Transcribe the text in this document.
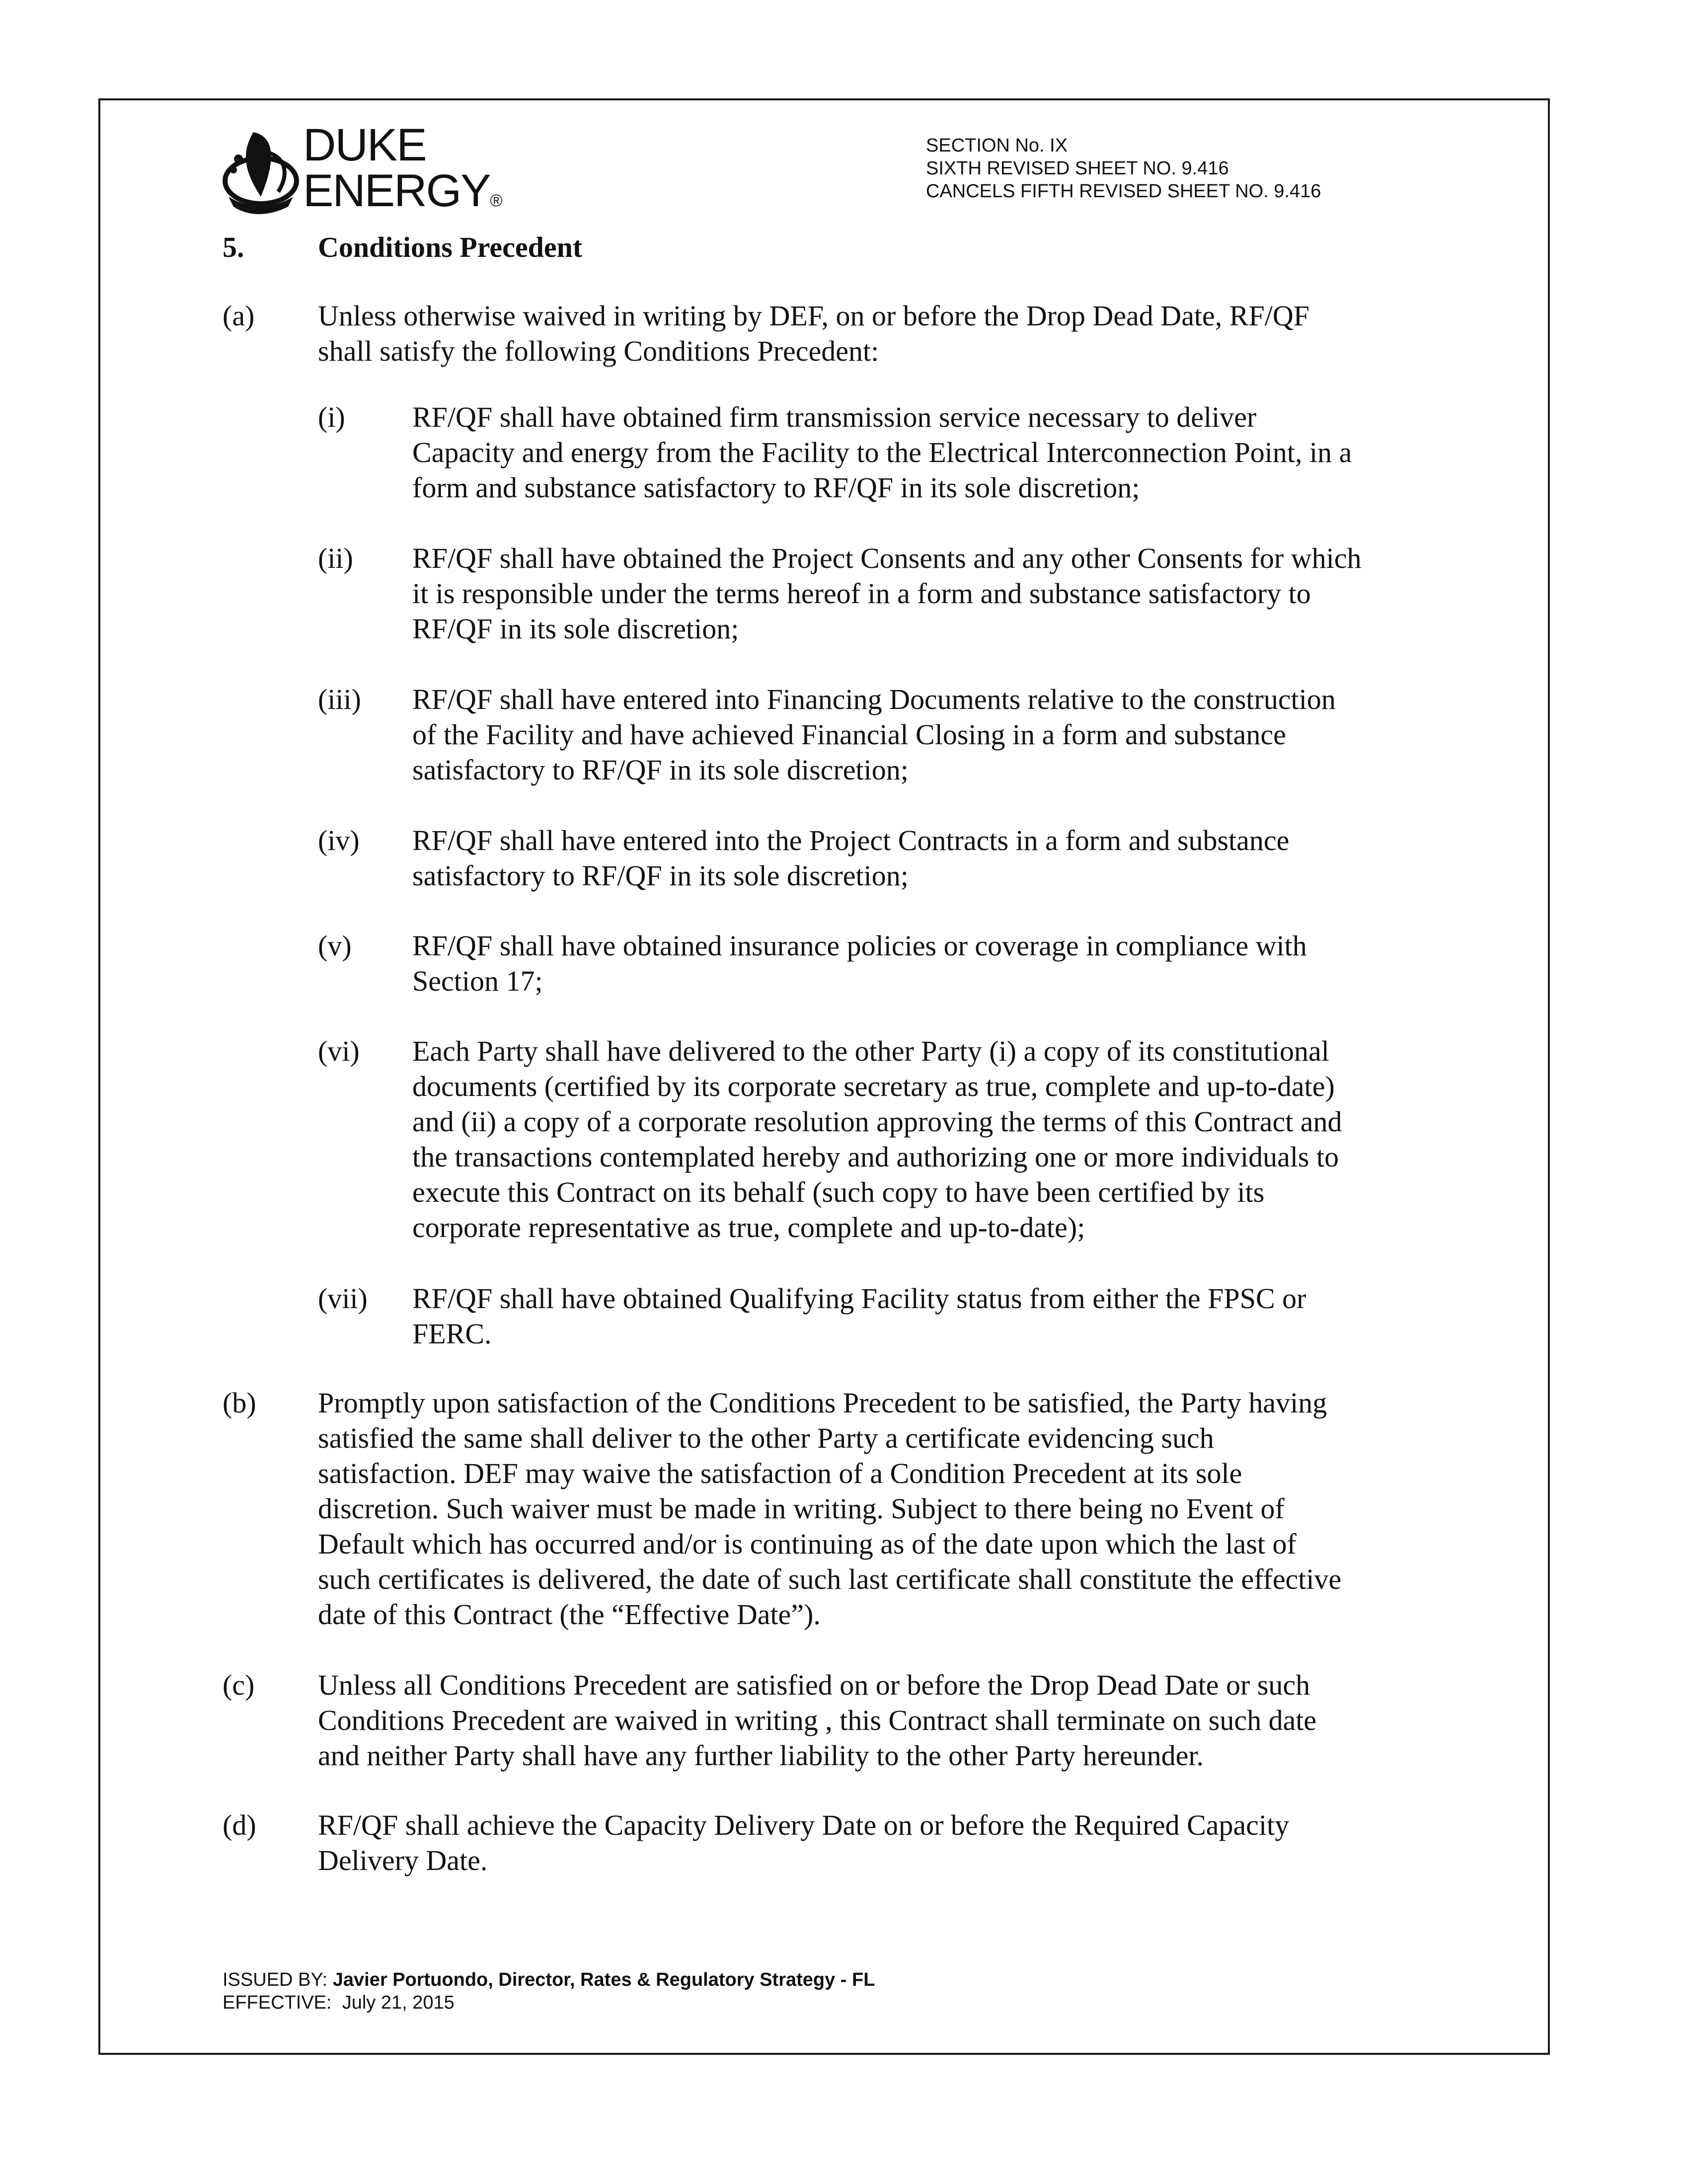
DUKE
ENERGY®
SECTION No. IX
SIXTH REVISED SHEET NO. 9.416
CANCELS FIFTH REVISED SHEET NO. 9.416
5.	Conditions Precedent
(a) Unless otherwise waived in writing by DEF, on or before the Drop Dead Date, RF/QF
shall satisfy the following Conditions Precedent:
(i) RF/QF shall have obtained firm transmission service necessary to deliver
Capacity and energy from the Facility to the Electrical Interconnection Point, in a
form and substance satisfactory to RF/QF in its sole discretion;
(ii) RF/QF shall have obtained the Project Consents and any other Consents for which
it is responsible under the terms hereof in a form and substance satisfactory to
RF/QF in its sole discretion;
(iii) RF/QF shall have entered into Financing Documents relative to the construction
of the Facility and have achieved Financial Closing in a form and substance
satisfactory to RF/QF in its sole discretion;
(iv) RF/QF shall have entered into the Project Contracts in a form and substance
satisfactory to RF/QF in its sole discretion;
(v) RF/QF shall have obtained insurance policies or coverage in compliance with
Section 17;
(vi) Each Party shall have delivered to the other Party (i) a copy of its constitutional
documents (certified by its corporate secretary as true, complete and up-to-date)
and (ii) a copy of a corporate resolution approving the terms of this Contract and
the transactions contemplated hereby and authorizing one or more individuals to
execute this Contract on its behalf (such copy to have been certified by its
corporate representative as true, complete and up-to-date);
(vii) RF/QF shall have obtained Qualifying Facility status from either the FPSC or
FERC.
(b) Promptly upon satisfaction of the Conditions Precedent to be satisfied, the Party having
satisfied the same shall deliver to the other Party a certificate evidencing such
satisfaction. DEF may waive the satisfaction of a Condition Precedent at its sole
discretion. Such waiver must be made in writing. Subject to there being no Event of
Default which has occurred and/or is continuing as of the date upon which the last of
such certificates is delivered, the date of such last certificate shall constitute the effective
date of this Contract (the “Effective Date”).
(c) Unless all Conditions Precedent are satisfied on or before the Drop Dead Date or such
Conditions Precedent are waived in writing , this Contract shall terminate on such date
and neither Party shall have any further liability to the other Party hereunder.
(d) RF/QF shall achieve the Capacity Delivery Date on or before the Required Capacity
Delivery Date.
ISSUED BY: Javier Portuondo, Director, Rates & Regulatory Strategy - FL
EFFECTIVE: July 21, 2015
